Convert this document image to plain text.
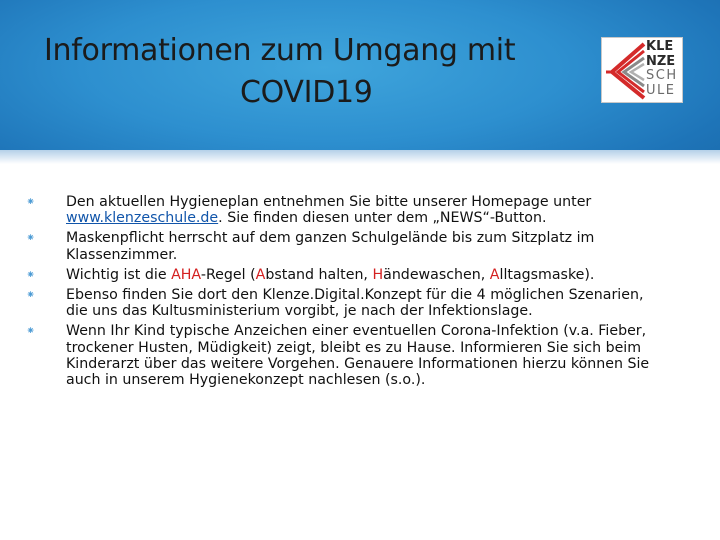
Informationen zum Umgang mit
COVID19
KLE
NZE
SCH
ULE
⁕ Den aktuellen Hygieneplan entnehmen Sie bitte unserer Homepage unter www.klenzeschule.de. Sie finden diesen unter dem „NEWS“-Button.
⁕ Maskenpflicht herrscht auf dem ganzen Schulgelände bis zum Sitzplatz im Klassenzimmer.
⁕ Wichtig ist die AHA-Regel (Abstand halten, Händewaschen, Alltagsmaske).
⁕ Ebenso finden Sie dort den Klenze.Digital.Konzept für die 4 möglichen Szenarien, die uns das Kultusministerium vorgibt, je nach der Infektionslage.
⁕ Wenn Ihr Kind typische Anzeichen einer eventuellen Corona-Infektion (v.a. Fieber, trockener Husten, Müdigkeit) zeigt, bleibt es zu Hause. Informieren Sie sich beim Kinderarzt über das weitere Vorgehen. Genauere Informationen hierzu können Sie auch in unserem Hygienekonzept nachlesen (s.o.).
